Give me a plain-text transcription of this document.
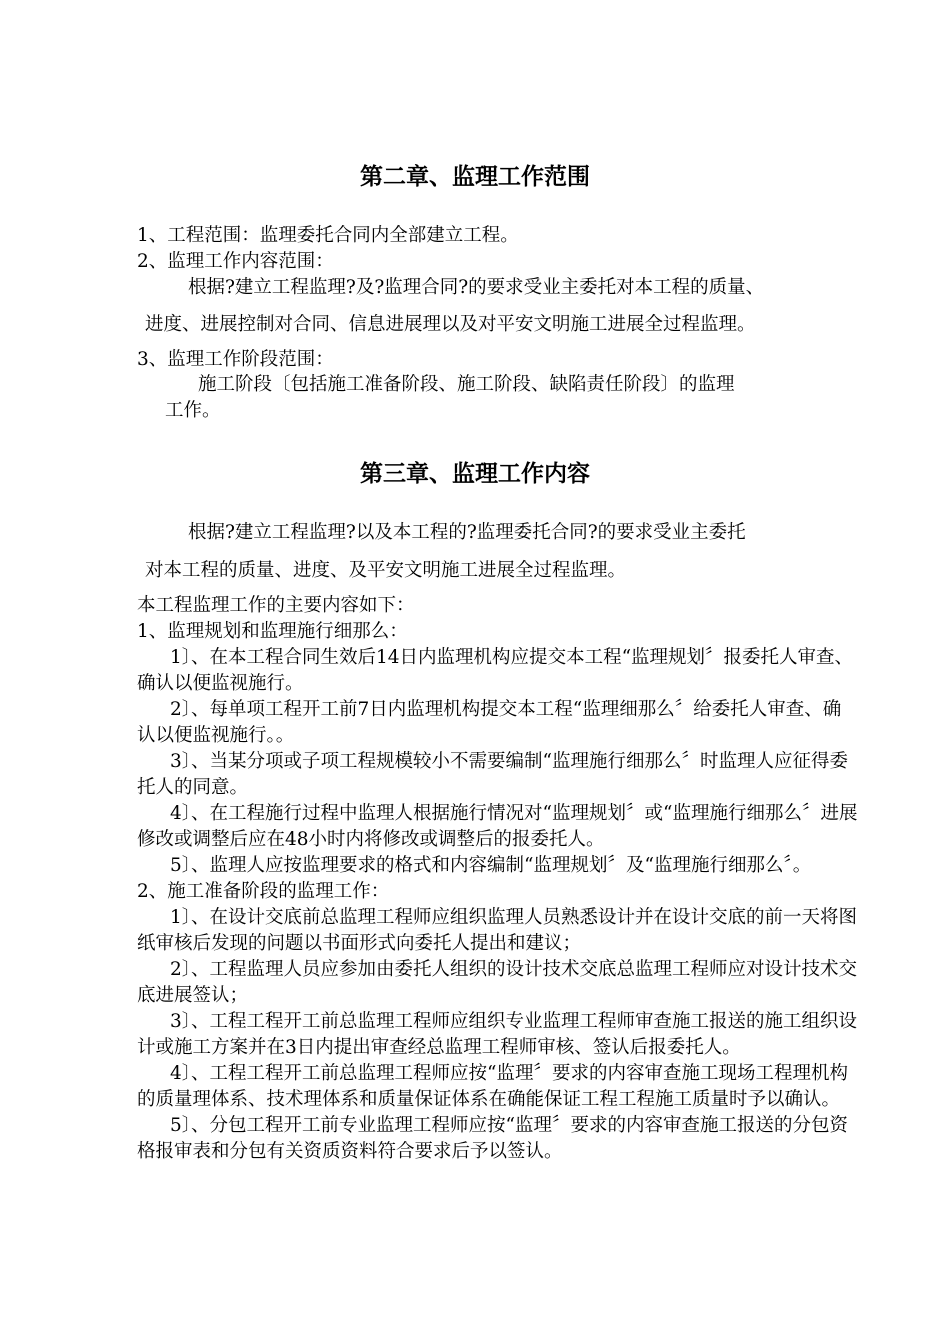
第二章、监理工作范围
1、工程范围：监理委托合同内全部建立工程。
2、监理工作内容范围：
根据?建立工程监理?及?监理合同?的要求受业主委托对本工程的质量、
进度、进展控制对合同、信息进展理以及对平安文明施工进展全过程监理。
3、监理工作阶段范围：
施工阶段〔包括施工准备阶段、施工阶段、缺陷责任阶段〕的监理
工作。
第三章、监理工作内容
根据?建立工程监理?以及本工程的?监理委托合同?的要求受业主委托
对本工程的质量、进度、及平安文明施工进展全过程监理。
本工程监理工作的主要内容如下：

1、监理规划和监理施行细那么：

1〕、在本工程合同生效后14日内监理机构应提交本工程“监理规划〞报委托人审查、确认以便监视施行。

2〕、每单项工程开工前7日内监理机构提交本工程“监理细那么〞给委托人审查、确认以便监视施行。。

3〕、当某分项或子项工程规模较小不需要编制“监理施行细那么〞时监理人应征得委托人的同意。

4〕、在工程施行过程中监理人根据施行情况对“监理规划〞或“监理施行细那么〞进展修改或调整后应在48小时内将修改或调整后的报委托人。

5〕、监理人应按监理要求的格式和内容编制“监理规划〞及“监理施行细那么〞。

2、施工准备阶段的监理工作：

1〕、在设计交底前总监理工程师应组织监理人员熟悉设计并在设计交底的前一天将图纸审核后发现的问题以书面形式向委托人提出和建议；

2〕、工程监理人员应参加由委托人组织的设计技术交底总监理工程师应对设计技术交底进展签认；

3〕、工程工程开工前总监理工程师应组织专业监理工程师审查施工报送的施工组织设计或施工方案并在3日内提出审查经总监理工程师审核、签认后报委托人。

4〕、工程工程开工前总监理工程师应按“监理〞要求的内容审查施工现场工程理机构的质量理体系、技术理体系和质量保证体系在确能保证工程工程施工质量时予以确认。

5〕、分包工程开工前专业监理工程师应按“监理〞要求的内容审查施工报送的分包资格报审表和分包有关资质资料符合要求后予以签认。
